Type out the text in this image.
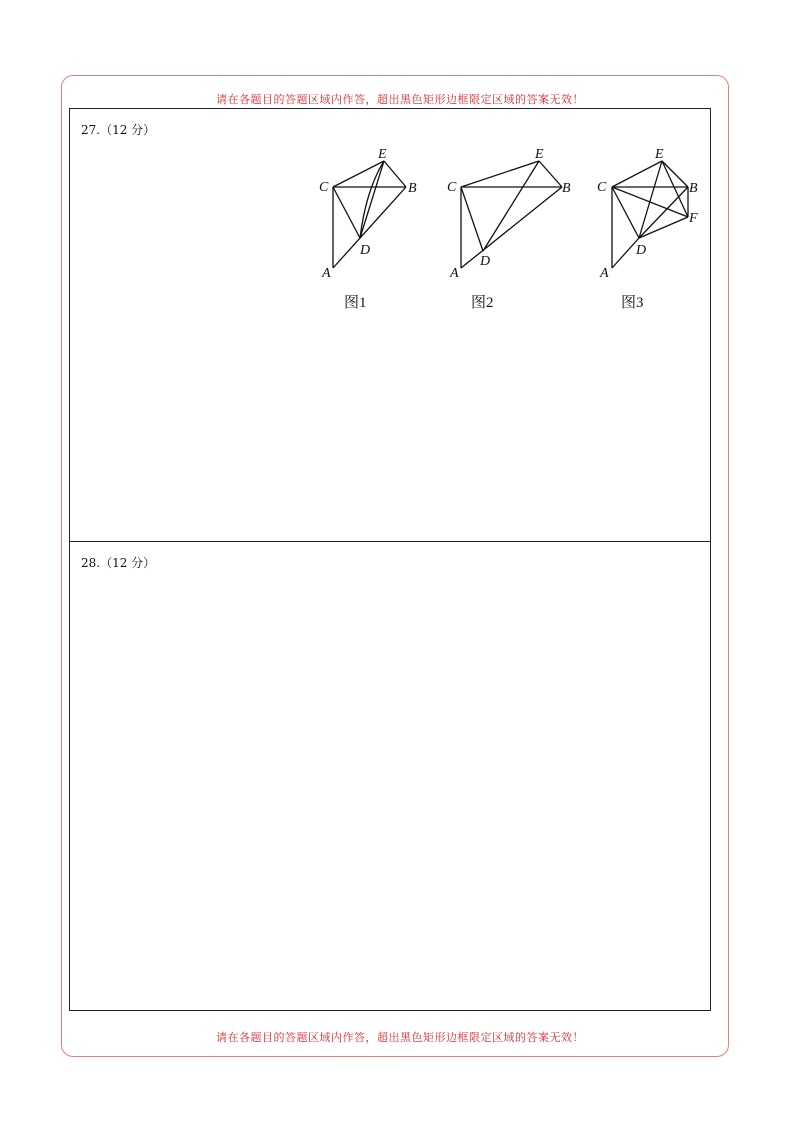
请在各题目的答题区域内作答，超出黑色矩形边框限定区域的答案无效！
27.（12 分）
E
C	B
D
A
图1
E
C	B
D
A
图2
E
C	B
F
D
A
图3
28.（12 分）
请在各题目的答题区域内作答，超出黑色矩形边框限定区域的答案无效！
